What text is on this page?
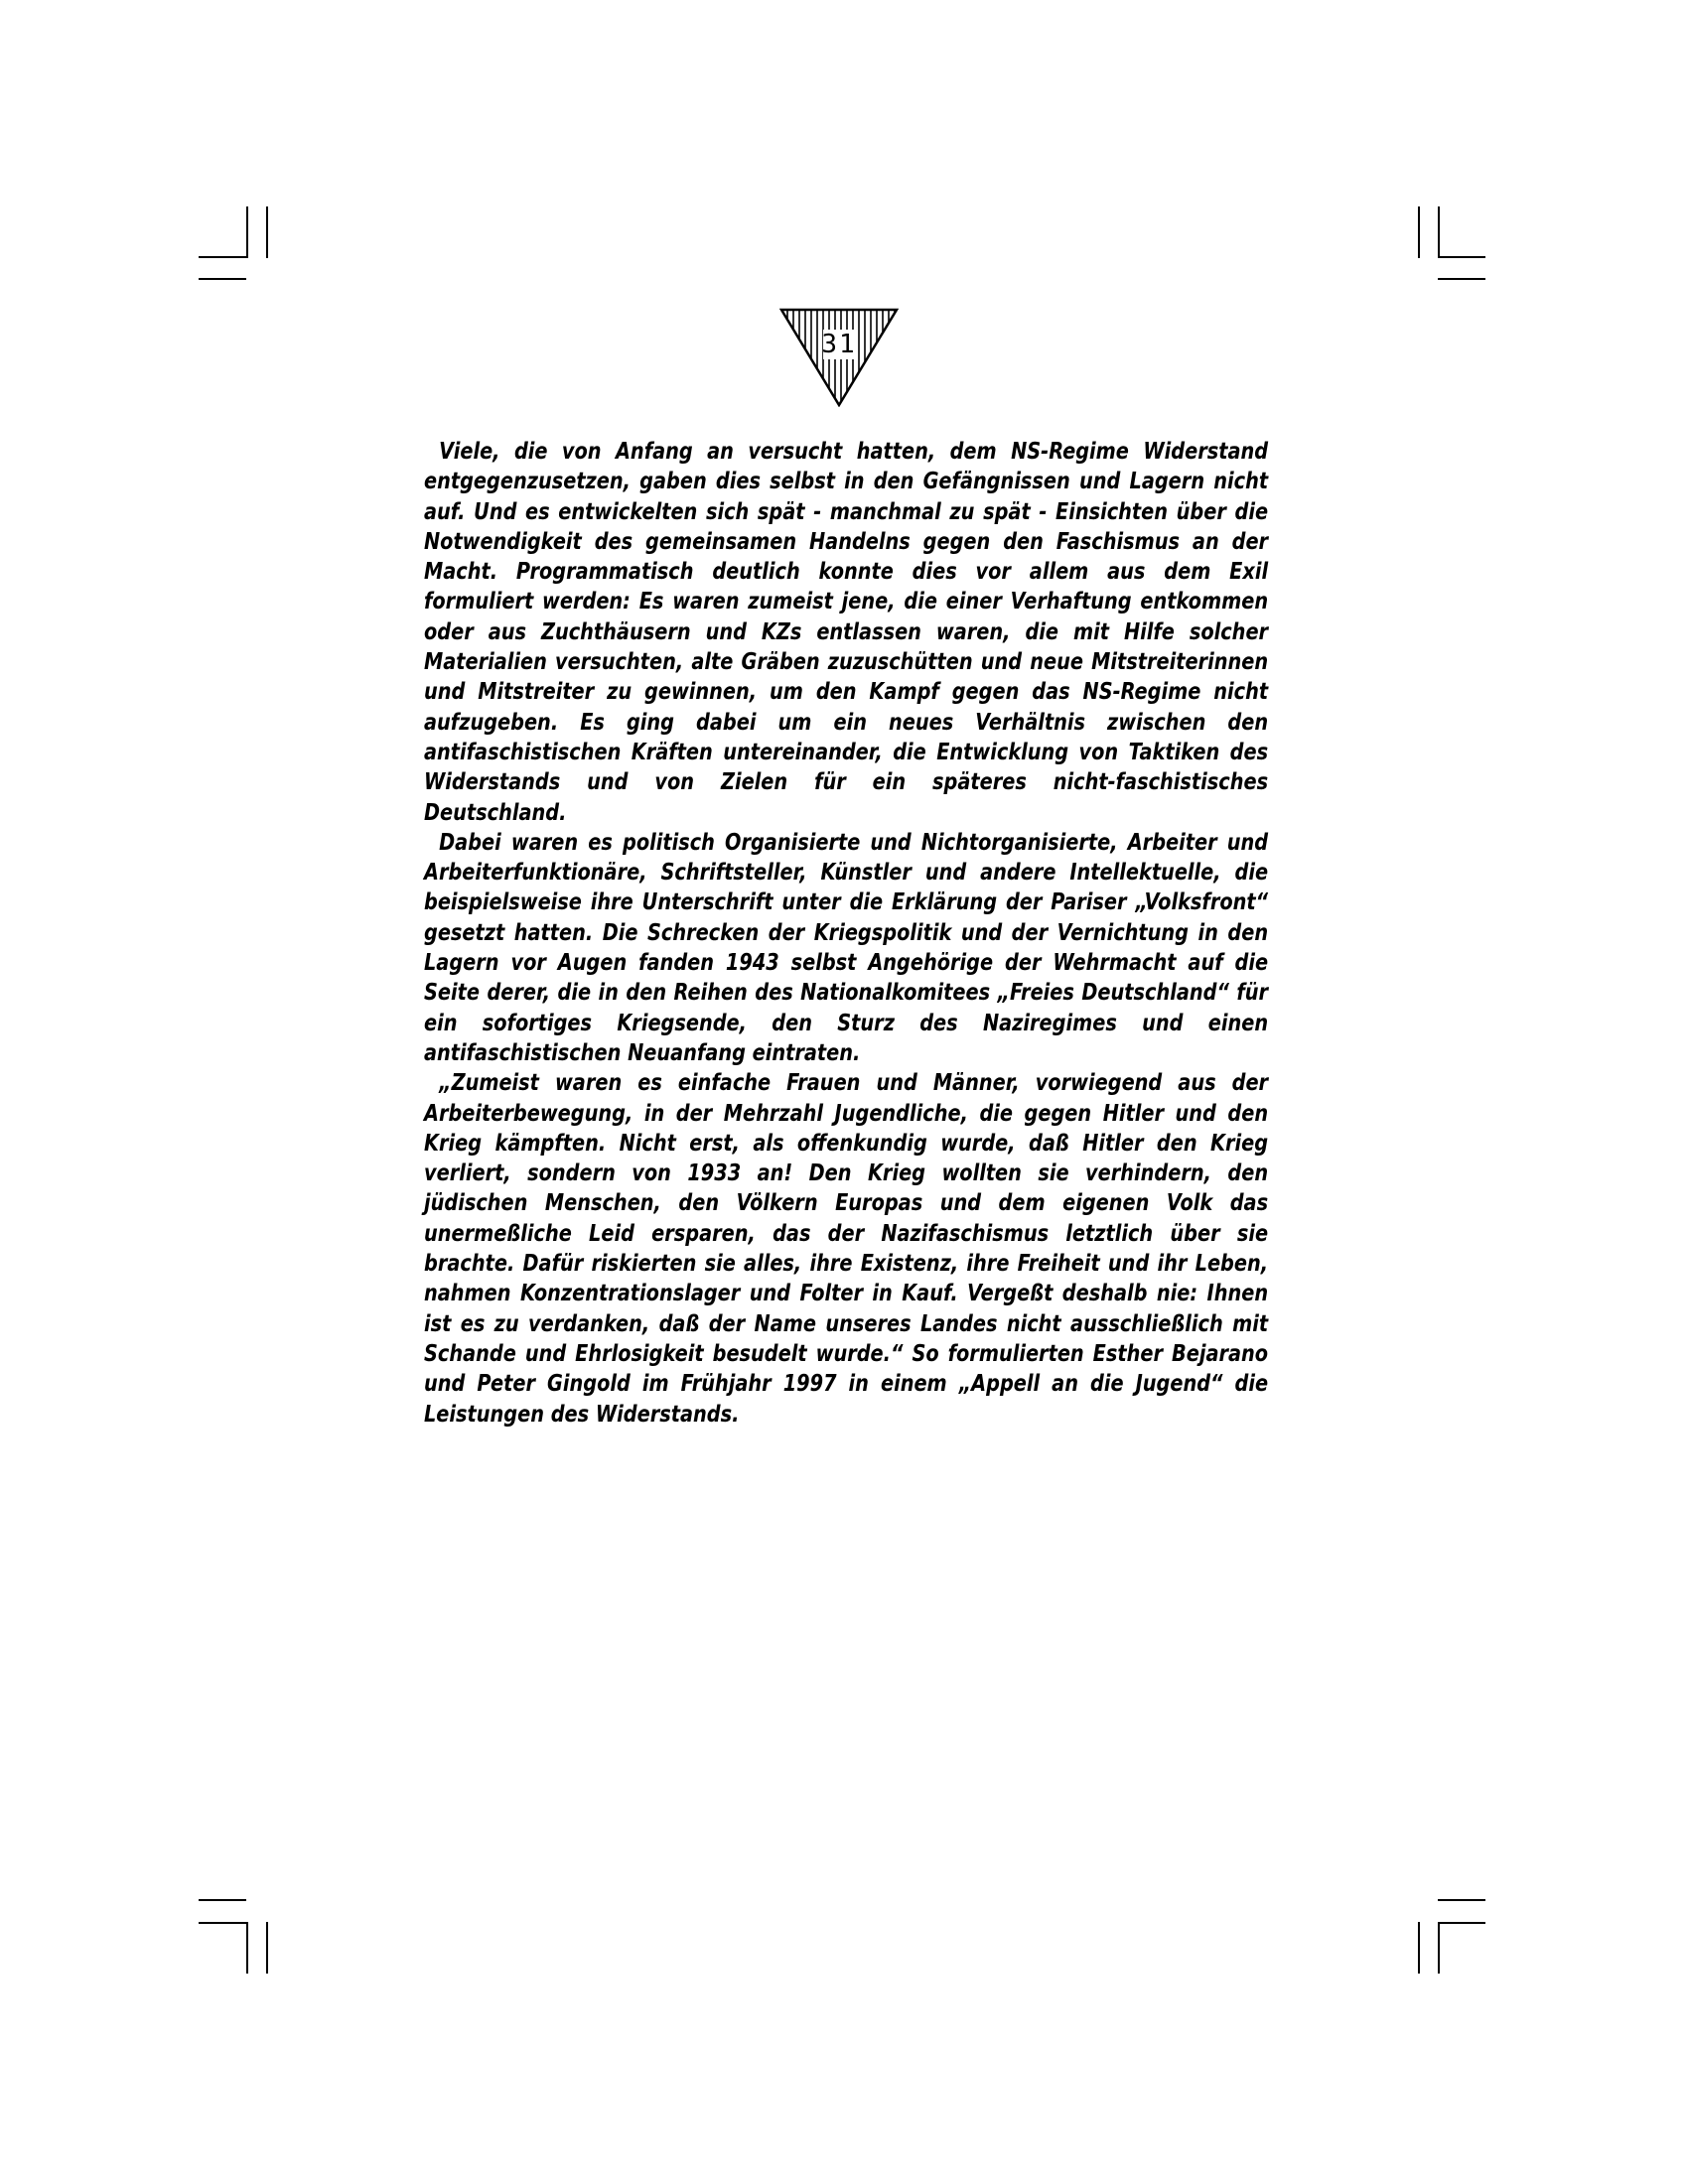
31

Viele, die von Anfang an versucht hatten, dem NS-Regime Widerstand entgegenzusetzen, gaben dies selbst in den Gefängnissen und Lagern nicht auf. Und es entwickelten sich spät - manchmal zu spät - Einsichten über die Notwendigkeit des gemeinsamen Handelns gegen den Faschismus an der Macht. Programmatisch deutlich konnte dies vor allem aus dem Exil formuliert werden: Es waren zumeist jene, die einer Verhaftung entkommen oder aus Zuchthäusern und KZs entlassen waren, die mit Hilfe solcher Materialien versuchten, alte Gräben zuzuschütten und neue Mitstreiterinnen und Mitstreiter zu gewinnen, um den Kampf gegen das NS-Regime nicht aufzugeben. Es ging dabei um ein neues Verhältnis zwischen den antifaschistischen Kräften untereinander, die Entwicklung von Taktiken des Widerstands und von Zielen für ein späteres nicht-faschistisches Deutschland.

Dabei waren es politisch Organisierte und Nichtorganisierte, Arbeiter und Arbeiterfunktionäre, Schriftsteller, Künstler und andere Intellektuelle, die beispielsweise ihre Unterschrift unter die Erklärung der Pariser „Volksfront“ gesetzt hatten. Die Schrecken der Kriegspolitik und der Vernichtung in den Lagern vor Augen fanden 1943 selbst Angehörige der Wehrmacht auf die Seite derer, die in den Reihen des Nationalkomitees „Freies Deutschland“ für ein sofortiges Kriegsende, den Sturz des Naziregimes und einen antifaschistischen Neuanfang eintraten.

„Zumeist waren es einfache Frauen und Männer, vorwiegend aus der Arbeiterbewegung, in der Mehrzahl Jugendliche, die gegen Hitler und den Krieg kämpften. Nicht erst, als offenkundig wurde, daß Hitler den Krieg verliert, sondern von 1933 an! Den Krieg wollten sie verhindern, den jüdischen Menschen, den Völkern Europas und dem eigenen Volk das unermeßliche Leid ersparen, das der Nazifaschismus letztlich über sie brachte. Dafür riskierten sie alles, ihre Existenz, ihre Freiheit und ihr Leben, nahmen Konzentrationslager und Folter in Kauf. Vergeßt deshalb nie: Ihnen ist es zu verdanken, daß der Name unseres Landes nicht ausschließlich mit Schande und Ehrlosigkeit besudelt wurde.“ So formulierten Esther Bejarano und Peter Gingold im Frühjahr 1997 in einem „Appell an die Jugend“ die Leistungen des Widerstands.
